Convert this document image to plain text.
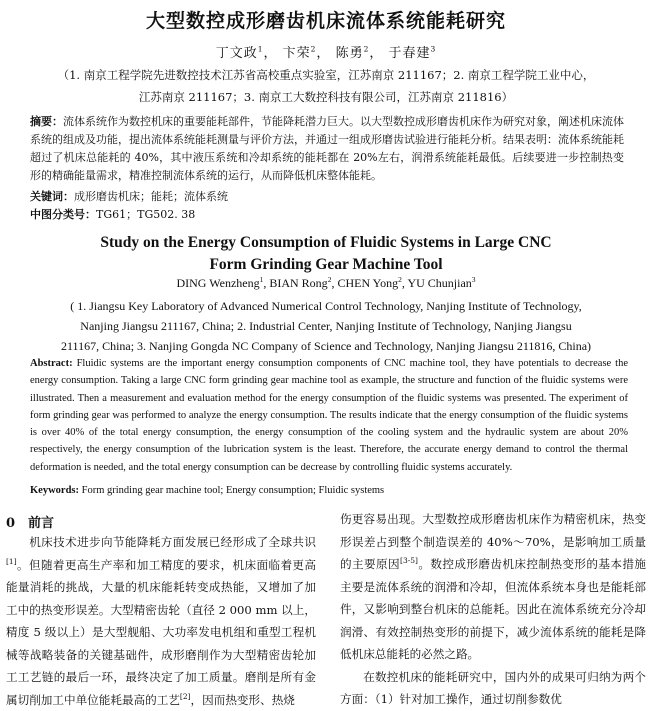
大型数控成形磨齿机床流体系统能耗研究
丁文政$^1$， 卞荣$^2$， 陈勇$^2$， 于春建$^3$
（1. 南京工程学院先进数控技术江苏省高校重点实验室，江苏南京 211167；2. 南京工程学院工业中心，
江苏南京 211167；3. 南京工大数控科技有限公司，江苏南京 211816）
摘要：流体系统作为数控机床的重要能耗部件，节能降耗潜力巨大。以大型数控成形磨齿机床作为研究对象，阐述机床流体系统的组成及功能，提出流体系统能耗测量与评价方法，并通过一组成形磨齿试验进行能耗分析。结果表明：流体系统能耗超过了机床总能耗的 40%，其中液压系统和冷却系统的能耗都在 20%左右，润滑系统能耗最低。后续要进一步控制热变形的精确能量需求，精准控制流体系统的运行，从而降低机床整体能耗。
关键词：成形磨齿机床；能耗；流体系统
中图分类号：TG61；TG502. 38
Study on the Energy Consumption of Fluidic Systems in Large CNC
Form Grinding Gear Machine Tool
DING Wenzheng$^1$, BIAN Rong$^2$, CHEN Yong$^2$, YU Chunjian$^3$
( 1. Jiangsu Key Laboratory of Advanced Numerical Control Technology, Nanjing Institute of Technology,
Nanjing Jiangsu 211167, China; 2. Industrial Center, Nanjing Institute of Technology, Nanjing Jiangsu
211167, China; 3. Nanjing Gongda NC Company of Science and Technology, Nanjing Jiangsu 211816, China)
Abstract: Fluidic systems are the important energy consumption components of CNC machine tool, they have potentials to decrease the energy consumption. Taking a large CNC form grinding gear machine tool as example, the structure and function of the fluidic systems were illustrated. Then a measurement and evaluation method for the energy consumption of the fluidic systems was presented. The experiment of form grinding gear was performed to analyze the energy consumption. The results indicate that the energy consumption of the fluidic systems is over 40% of the total energy consumption, the energy consumption of the cooling system and the hydraulic system are about 20% respectively, the energy consumption of the lubrication system is the least. Therefore, the accurate energy demand to control the thermal deformation is needed, and the total energy consumption can be decrease by controlling fluidic systems accurately.
Keywords: Form grinding gear machine tool; Energy consumption; Fluidic systems
0　前言
机床技术进步向节能降耗方面发展已经形成了全球共识[1]。但随着更高生产率和加工精度的要求，机床面临着更高能量消耗的挑战，大量的机床能耗转变成热能，又增加了加工中的热变形误差。大型精密齿轮（直径 2 000 mm 以上，精度 5 级以上）是大型舰船、大功率发电机组和重型工程机械等战略装备的关键基础件，成形磨削作为大型精密齿轮加工工艺链的最后一环，最终决定了加工质量。磨削是所有金属切削加工中单位能耗最高的工艺[2]，因而热变形、热烧

伤更容易出现。大型数控成形磨齿机床作为精密机床，热变形误差占到整个制造误差的 40%～70%，是影响加工质量的主要原因[3-5]。数控成形磨齿机床控制热变形的基本措施主要是流体系统的润滑和冷却，但流体系统本身也是能耗部件，又影响到整台机床的总能耗。因此在流体系统充分冷却润滑、有效控制热变形的前提下，减少流体系统的能耗是降低机床总能耗的必然之路。

在数控机床的能耗研究中，国内外的成果可归纳为两个方面：（1）针对加工操作，通过切削参数优
